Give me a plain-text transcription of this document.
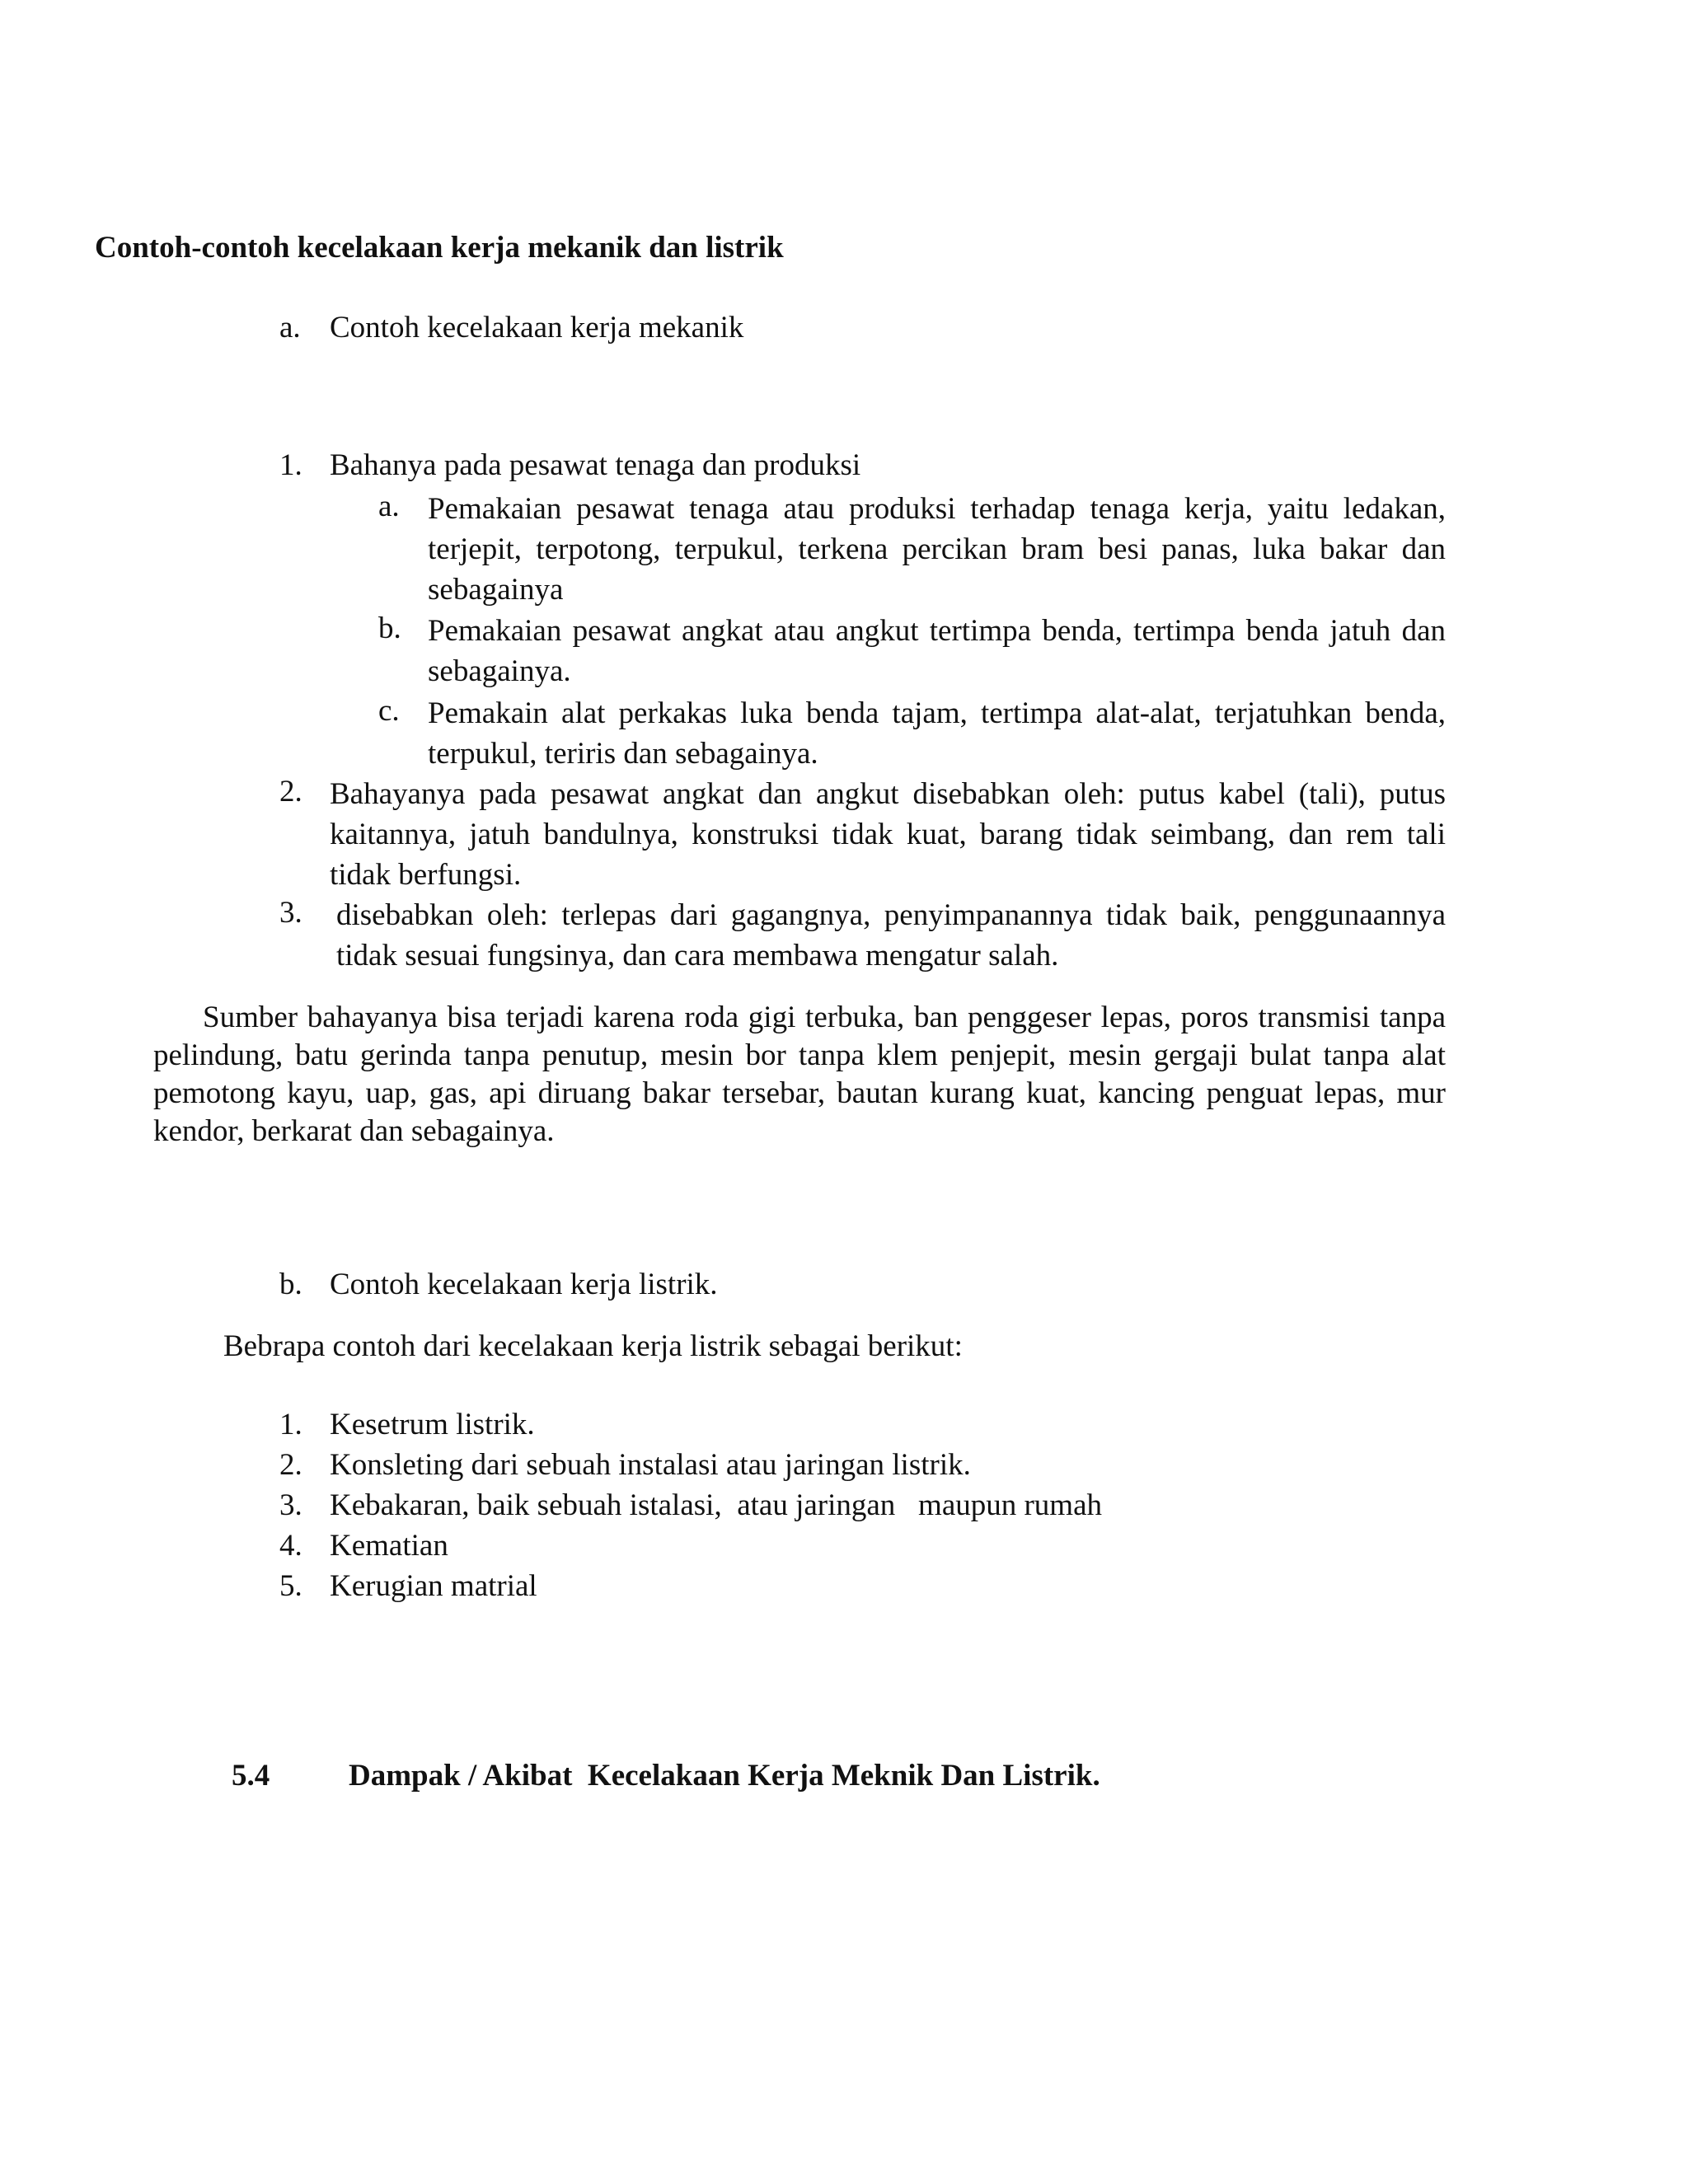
Contoh-contoh kecelakaan kerja mekanik dan listrik
a. Contoh kecelakaan kerja mekanik
1. Bahanya pada pesawat tenaga dan produksi
a. Pemakaian pesawat tenaga atau produksi terhadap tenaga kerja, yaitu ledakan, terjepit, terpotong, terpukul, terkena percikan bram besi panas, luka bakar dan sebagainya
b. Pemakaian pesawat angkat atau angkut tertimpa benda, tertimpa benda jatuh dan sebagainya.
c. Pemakain alat perkakas luka benda tajam, tertimpa alat-alat, terjatuhkan benda, terpukul, teriris dan sebagainya.
2. Bahayanya pada pesawat angkat dan angkut disebabkan oleh: putus kabel (tali), putus kaitannya, jatuh bandulnya, konstruksi tidak kuat, barang tidak seimbang, dan rem tali tidak berfungsi.
3. disebabkan oleh: terlepas dari gagangnya, penyimpanannya tidak baik, penggunaannya tidak sesuai fungsinya, dan cara membawa mengatur salah.
Sumber bahayanya bisa terjadi karena roda gigi terbuka, ban penggeser lepas, poros transmisi tanpa pelindung, batu gerinda tanpa penutup, mesin bor tanpa klem penjepit, mesin gergaji bulat tanpa alat pemotong kayu, uap, gas, api diruang bakar tersebar, bautan kurang kuat, kancing penguat lepas, mur kendor, berkarat dan sebagainya.
b. Contoh kecelakaan kerja listrik.
Bebrapa contoh dari kecelakaan kerja listrik sebagai berikut:
1. Kesetrum listrik.
2. Konsleting dari sebuah instalasi atau jaringan listrik.
3. Kebakaran, baik sebuah istalasi,  atau jaringan   maupun rumah
4. Kematian
5. Kerugian matrial
5.4	Dampak / Akibat  Kecelakaan Kerja Meknik Dan Listrik.
